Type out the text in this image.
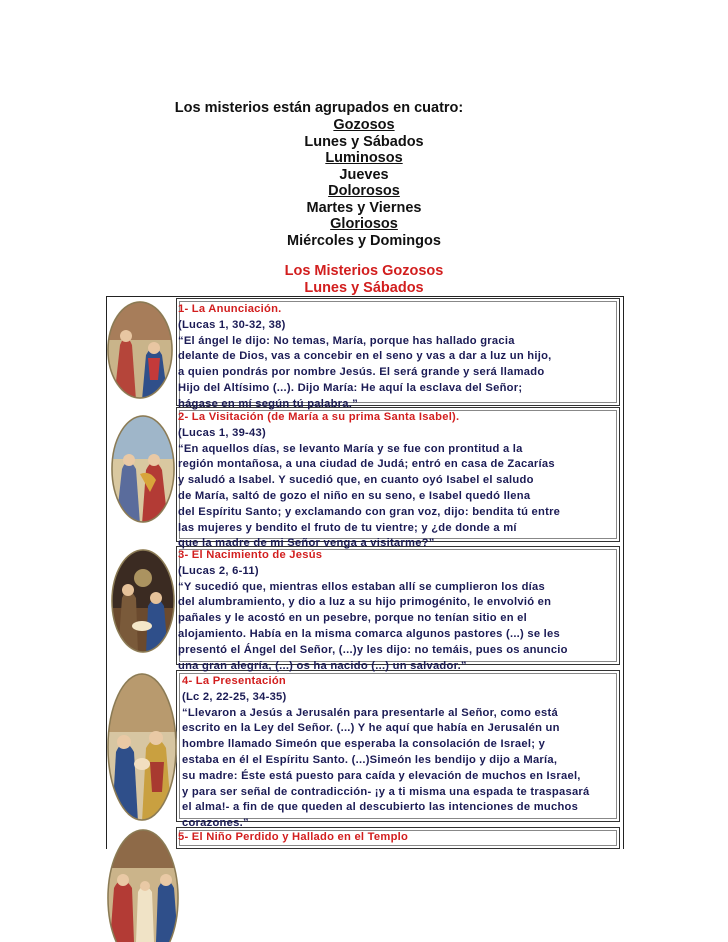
Los misterios están agrupados en cuatro:
Gozosos
Lunes y Sábados
Luminosos
Jueves
Dolorosos
Martes y Viernes
Gloriosos
Miércoles y Domingos
Los Misterios Gozosos
Lunes y Sábados
1- La Anunciación.
(Lucas 1, 30-32, 38)
“El ángel le dijo: No temas, María, porque has hallado gracia
delante de Dios, vas a concebir en el seno y vas a dar a luz un hijo,
a quien pondrás por nombre Jesús. El será grande y será llamado
Hijo del Altísimo (...). Dijo María: He aquí la esclava del Señor;
hágase en mí según tú palabra.”
2- La Visitación (de María a su prima Santa Isabel).
(Lucas 1, 39-43)
“En aquellos días, se levanto María y se fue con prontitud a la
región montañosa, a una ciudad de Judá; entró en casa de Zacarías
y saludó a Isabel. Y sucedió que, en cuanto oyó Isabel el saludo
de María, saltó de gozo el niño en su seno, e Isabel quedó llena
del Espíritu Santo; y exclamando con gran voz, dijo: bendita tú entre
las mujeres y bendito el fruto de tu vientre; y ¿de donde a mí
que la madre de mi Señor venga a visitarme?”
3- El Nacimiento de Jesús
(Lucas 2, 6-11)
“Y sucedió que, mientras ellos estaban allí se cumplieron los días
del alumbramiento, y dio a luz a su hijo primogénito, le envolvió en
pañales y le acostó en un pesebre, porque no tenían sitio en el
alojamiento. Había en la misma comarca algunos pastores (...) se les
presentó el Ángel del Señor, (...)y les dijo: no temáis, pues os anuncio
una gran alegría, (...) os ha nacido (...) un salvador.”
4- La Presentación
(Lc 2, 22-25, 34-35)
“Llevaron a Jesús a Jerusalén para presentarle al Señor, como está
escrito en la Ley del Señor. (...) Y he aquí que había en Jerusalén un
hombre llamado Simeón que esperaba la consolación de Israel; y
estaba en él el Espíritu Santo. (...)Simeón les bendijo y dijo a María,
su madre: Éste está puesto para caída y elevación de muchos en Israel,
y para ser señal de contradicción- ¡y a ti misma una espada te traspasará
el alma!- a fin de que queden al descubierto las intenciones de muchos
corazones.”
5- El Niño Perdido y Hallado en el Templo
